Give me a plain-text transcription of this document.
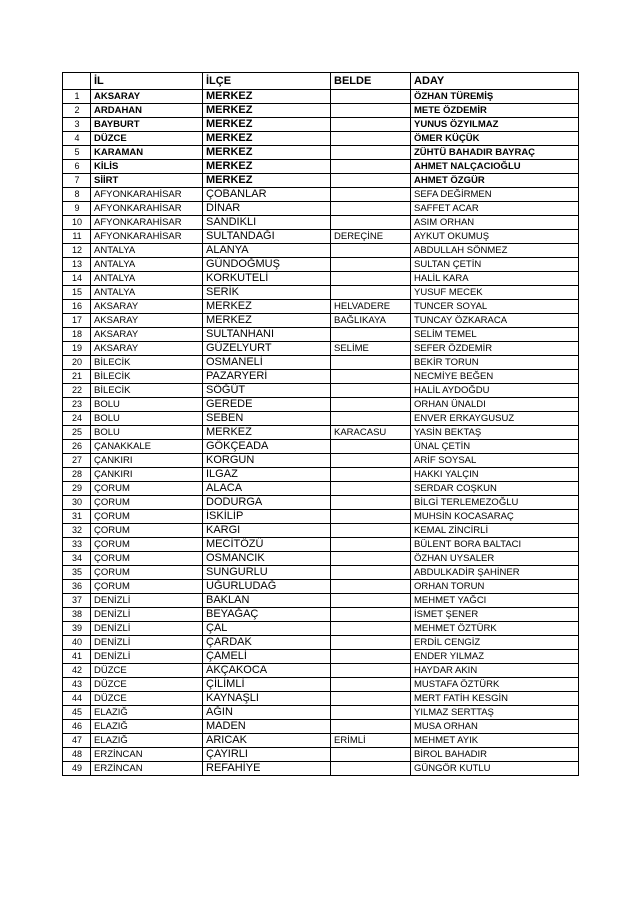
	İL	İLÇE	BELDE	ADAY
1	AKSARAY	MERKEZ		ÖZHAN TÜREMİŞ
2	ARDAHAN	MERKEZ		METE ÖZDEMİR
3	BAYBURT	MERKEZ		YUNUS ÖZYILMAZ
4	DÜZCE	MERKEZ		ÖMER KÜÇÜK
5	KARAMAN	MERKEZ		ZÜHTÜ BAHADIR BAYRAÇ
6	KİLİS	MERKEZ		AHMET NALÇACIOĞLU
7	SİİRT	MERKEZ		AHMET ÖZGÜR
8	AFYONKARAHİSAR	ÇOBANLAR		SEFA DEĞİRMEN
9	AFYONKARAHİSAR	DİNAR		SAFFET ACAR
10	AFYONKARAHİSAR	SANDIKLI		ASIM ORHAN
11	AFYONKARAHİSAR	SULTANDAĞI	DEREÇİNE	AYKUT OKUMUŞ
12	ANTALYA	ALANYA		ABDULLAH SÖNMEZ
13	ANTALYA	GÜNDOĞMUŞ		SULTAN ÇETİN
14	ANTALYA	KORKUTELİ		HALİL KARA
15	ANTALYA	SERİK		YUSUF MECEK
16	AKSARAY	MERKEZ	HELVADERE	TUNCER SOYAL
17	AKSARAY	MERKEZ	BAĞLIKAYA	TUNCAY ÖZKARACA
18	AKSARAY	SULTANHANI		SELİM TEMEL
19	AKSARAY	GÜZELYURT	SELİME	SEFER ÖZDEMİR
20	BİLECİK	OSMANELİ		BEKİR TORUN
21	BİLECİK	PAZARYERİ		NECMİYE BEĞEN
22	BİLECİK	SÖĞÜT		HALİL AYDOĞDU
23	BOLU	GEREDE		ORHAN ÜNALDI
24	BOLU	SEBEN		ENVER ERKAYGUSUZ
25	BOLU	MERKEZ	KARACASU	YASİN BEKTAŞ
26	ÇANAKKALE	GÖKÇEADA		ÜNAL ÇETİN
27	ÇANKIRI	KORGUN		ARİF SOYSAL
28	ÇANKIRI	ILGAZ		HAKKI YALÇIN
29	ÇORUM	ALACA		SERDAR COŞKUN
30	ÇORUM	DODURGA		BİLGİ TERLEMEZOĞLU
31	ÇORUM	İSKİLİP		MUHSİN KOCASARAÇ
32	ÇORUM	KARGI		KEMAL ZİNCİRLİ
33	ÇORUM	MECİTÖZÜ		BÜLENT BORA BALTACI
34	ÇORUM	OSMANCIK		ÖZHAN UYSALER
35	ÇORUM	SUNGURLU		ABDULKADİR ŞAHİNER
36	ÇORUM	UĞURLUDAĞ		ORHAN TORUN
37	DENİZLİ	BAKLAN		MEHMET YAĞCI
38	DENİZLİ	BEYAĞAÇ		İSMET ŞENER
39	DENİZLİ	ÇAL		MEHMET ÖZTÜRK
40	DENİZLİ	ÇARDAK		ERDİL CENGİZ
41	DENİZLİ	ÇAMELİ		ENDER YILMAZ
42	DÜZCE	AKÇAKOCA		HAYDAR AKIN
43	DÜZCE	ÇİLİMLİ		MUSTAFA ÖZTÜRK
44	DÜZCE	KAYNAŞLI		MERT FATİH KESGİN
45	ELAZIĞ	AĞIN		YILMAZ SERTTAŞ
46	ELAZIĞ	MADEN		MUSA ORHAN
47	ELAZIĞ	ARICAK	ERİMLİ	MEHMET AYIK
48	ERZİNCAN	ÇAYIRLI		BİROL BAHADIR
49	ERZİNCAN	REFAHİYE		GÜNGÖR KUTLU
